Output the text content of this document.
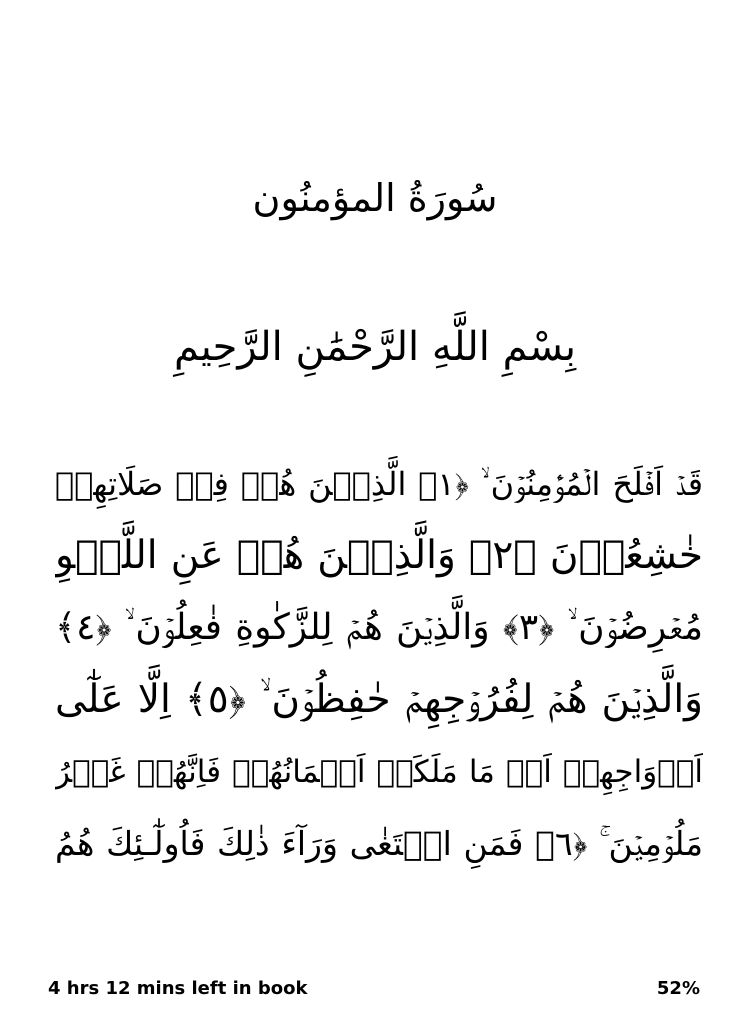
سُورَةُ المؤمنُون
بِسْمِ اللَّهِ الرَّحْمَٰنِ الرَّحِيمِ
قَدۡ اَفۡلَحَ الۡمُؤۡمِنُوۡنَ ۙ ﴿١﴾ الَّذِيۡنَ هُمۡ فِىۡ صَلَاتِهِمۡ
خٰشِعُوۡنَ ﴿٢﴾ وَالَّذِيۡنَ هُمۡ عَنِ اللَّغۡوِ
مُعۡرِضُوۡنَ ۙ ﴿٣﴾ وَالَّذِيۡنَ هُمۡ لِلزَّكٰوةِ فٰعِلُوۡنَ ۙ ﴿٤﴾
وَالَّذِيۡنَ هُمۡ لِفُرُوۡجِهِمۡ حٰفِظُوۡنَ ۙ ﴿٥﴾ اِلَّا عَلٰٓى
اَزۡوَاجِهِمۡ اَوۡ مَا مَلَكَتۡ اَيۡمَانُهُمۡ فَاِنَّهُمۡ غَيۡرُ
مَلُوۡمِيۡنَ ۚ ﴿٦﴾ فَمَنِ ابۡتَغٰى وَرَآءَ ذٰلِكَ فَاُولٰٓـئِكَ هُمُ
4 hrs 12 mins left in book	52%
